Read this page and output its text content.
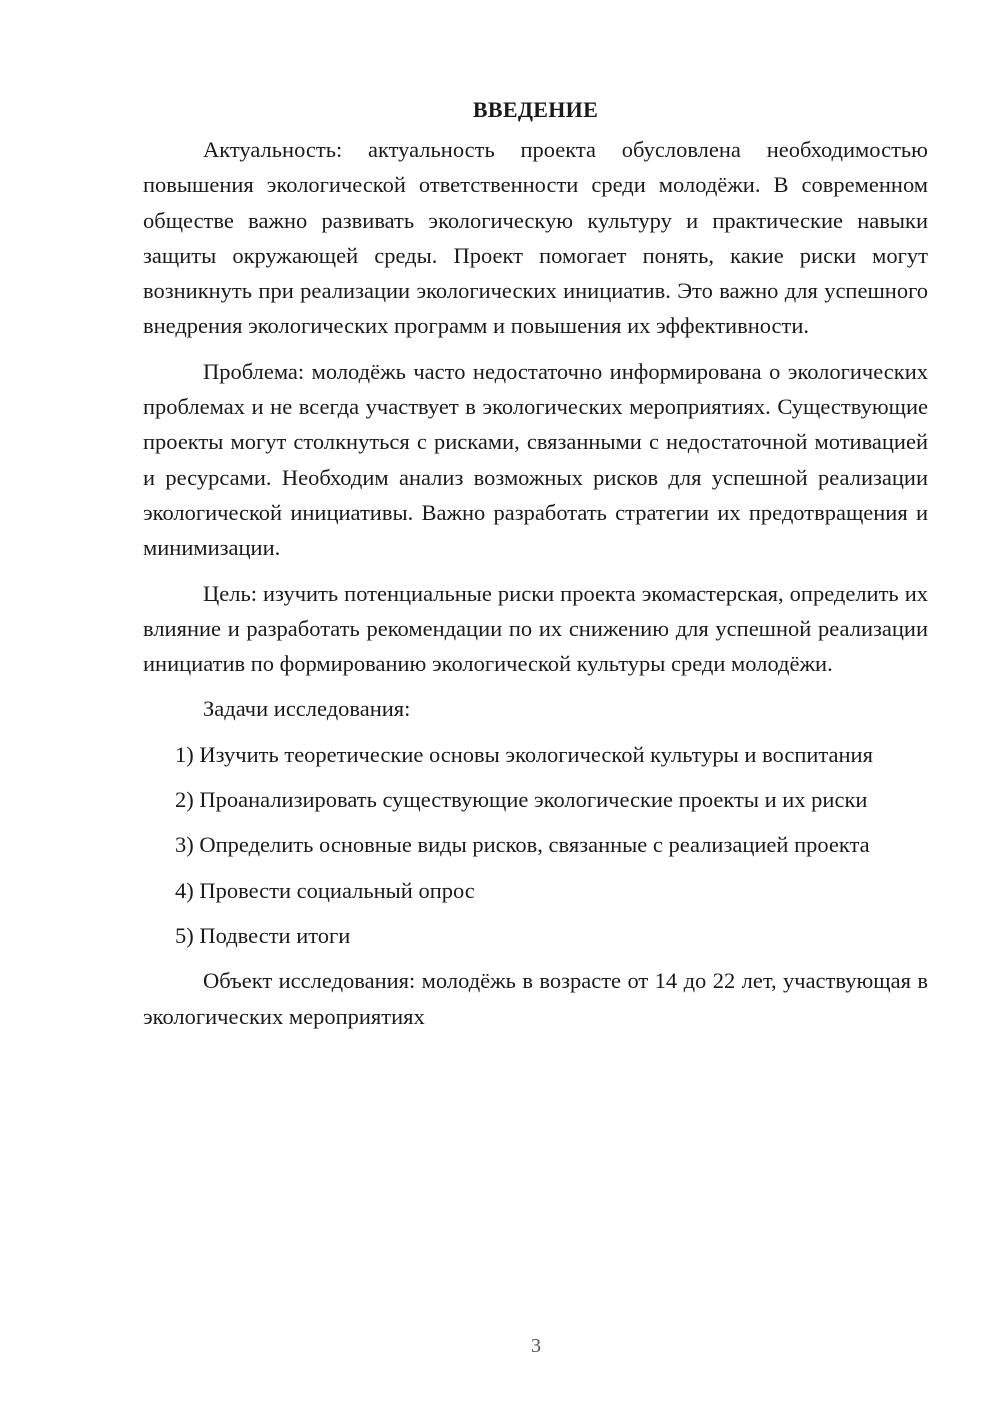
ВВЕДЕНИЕ

Актуальность: актуальность проекта обусловлена необходимостью повышения экологической ответственности среди молодёжи. В современном обществе важно развивать экологическую культуру и практические навыки защиты окружающей среды. Проект помогает понять, какие риски могут возникнуть при реализации экологических инициатив. Это важно для успешного внедрения экологических программ и повышения их эффективности.

Проблема: молодёжь часто недостаточно информирована о экологических проблемах и не всегда участвует в экологических мероприятиях. Существующие проекты могут столкнуться с рисками, связанными с недостаточной мотивацией и ресурсами. Необходим анализ возможных рисков для успешной реализации экологической инициативы. Важно разработать стратегии их предотвращения и минимизации.

Цель: изучить потенциальные риски проекта экомастерская, определить их влияние и разработать рекомендации по их снижению для успешной реализации инициатив по формированию экологической культуры среди молодёжи.

Задачи исследования:

1) Изучить теоретические основы экологической культуры и воспитания

2) Проанализировать существующие экологические проекты и их риски

3) Определить основные виды рисков, связанные с реализацией проекта

4) Провести социальный опрос

5) Подвести итоги

Объект исследования: молодёжь в возрасте от 14 до 22 лет, участвующая в экологических мероприятиях

3
